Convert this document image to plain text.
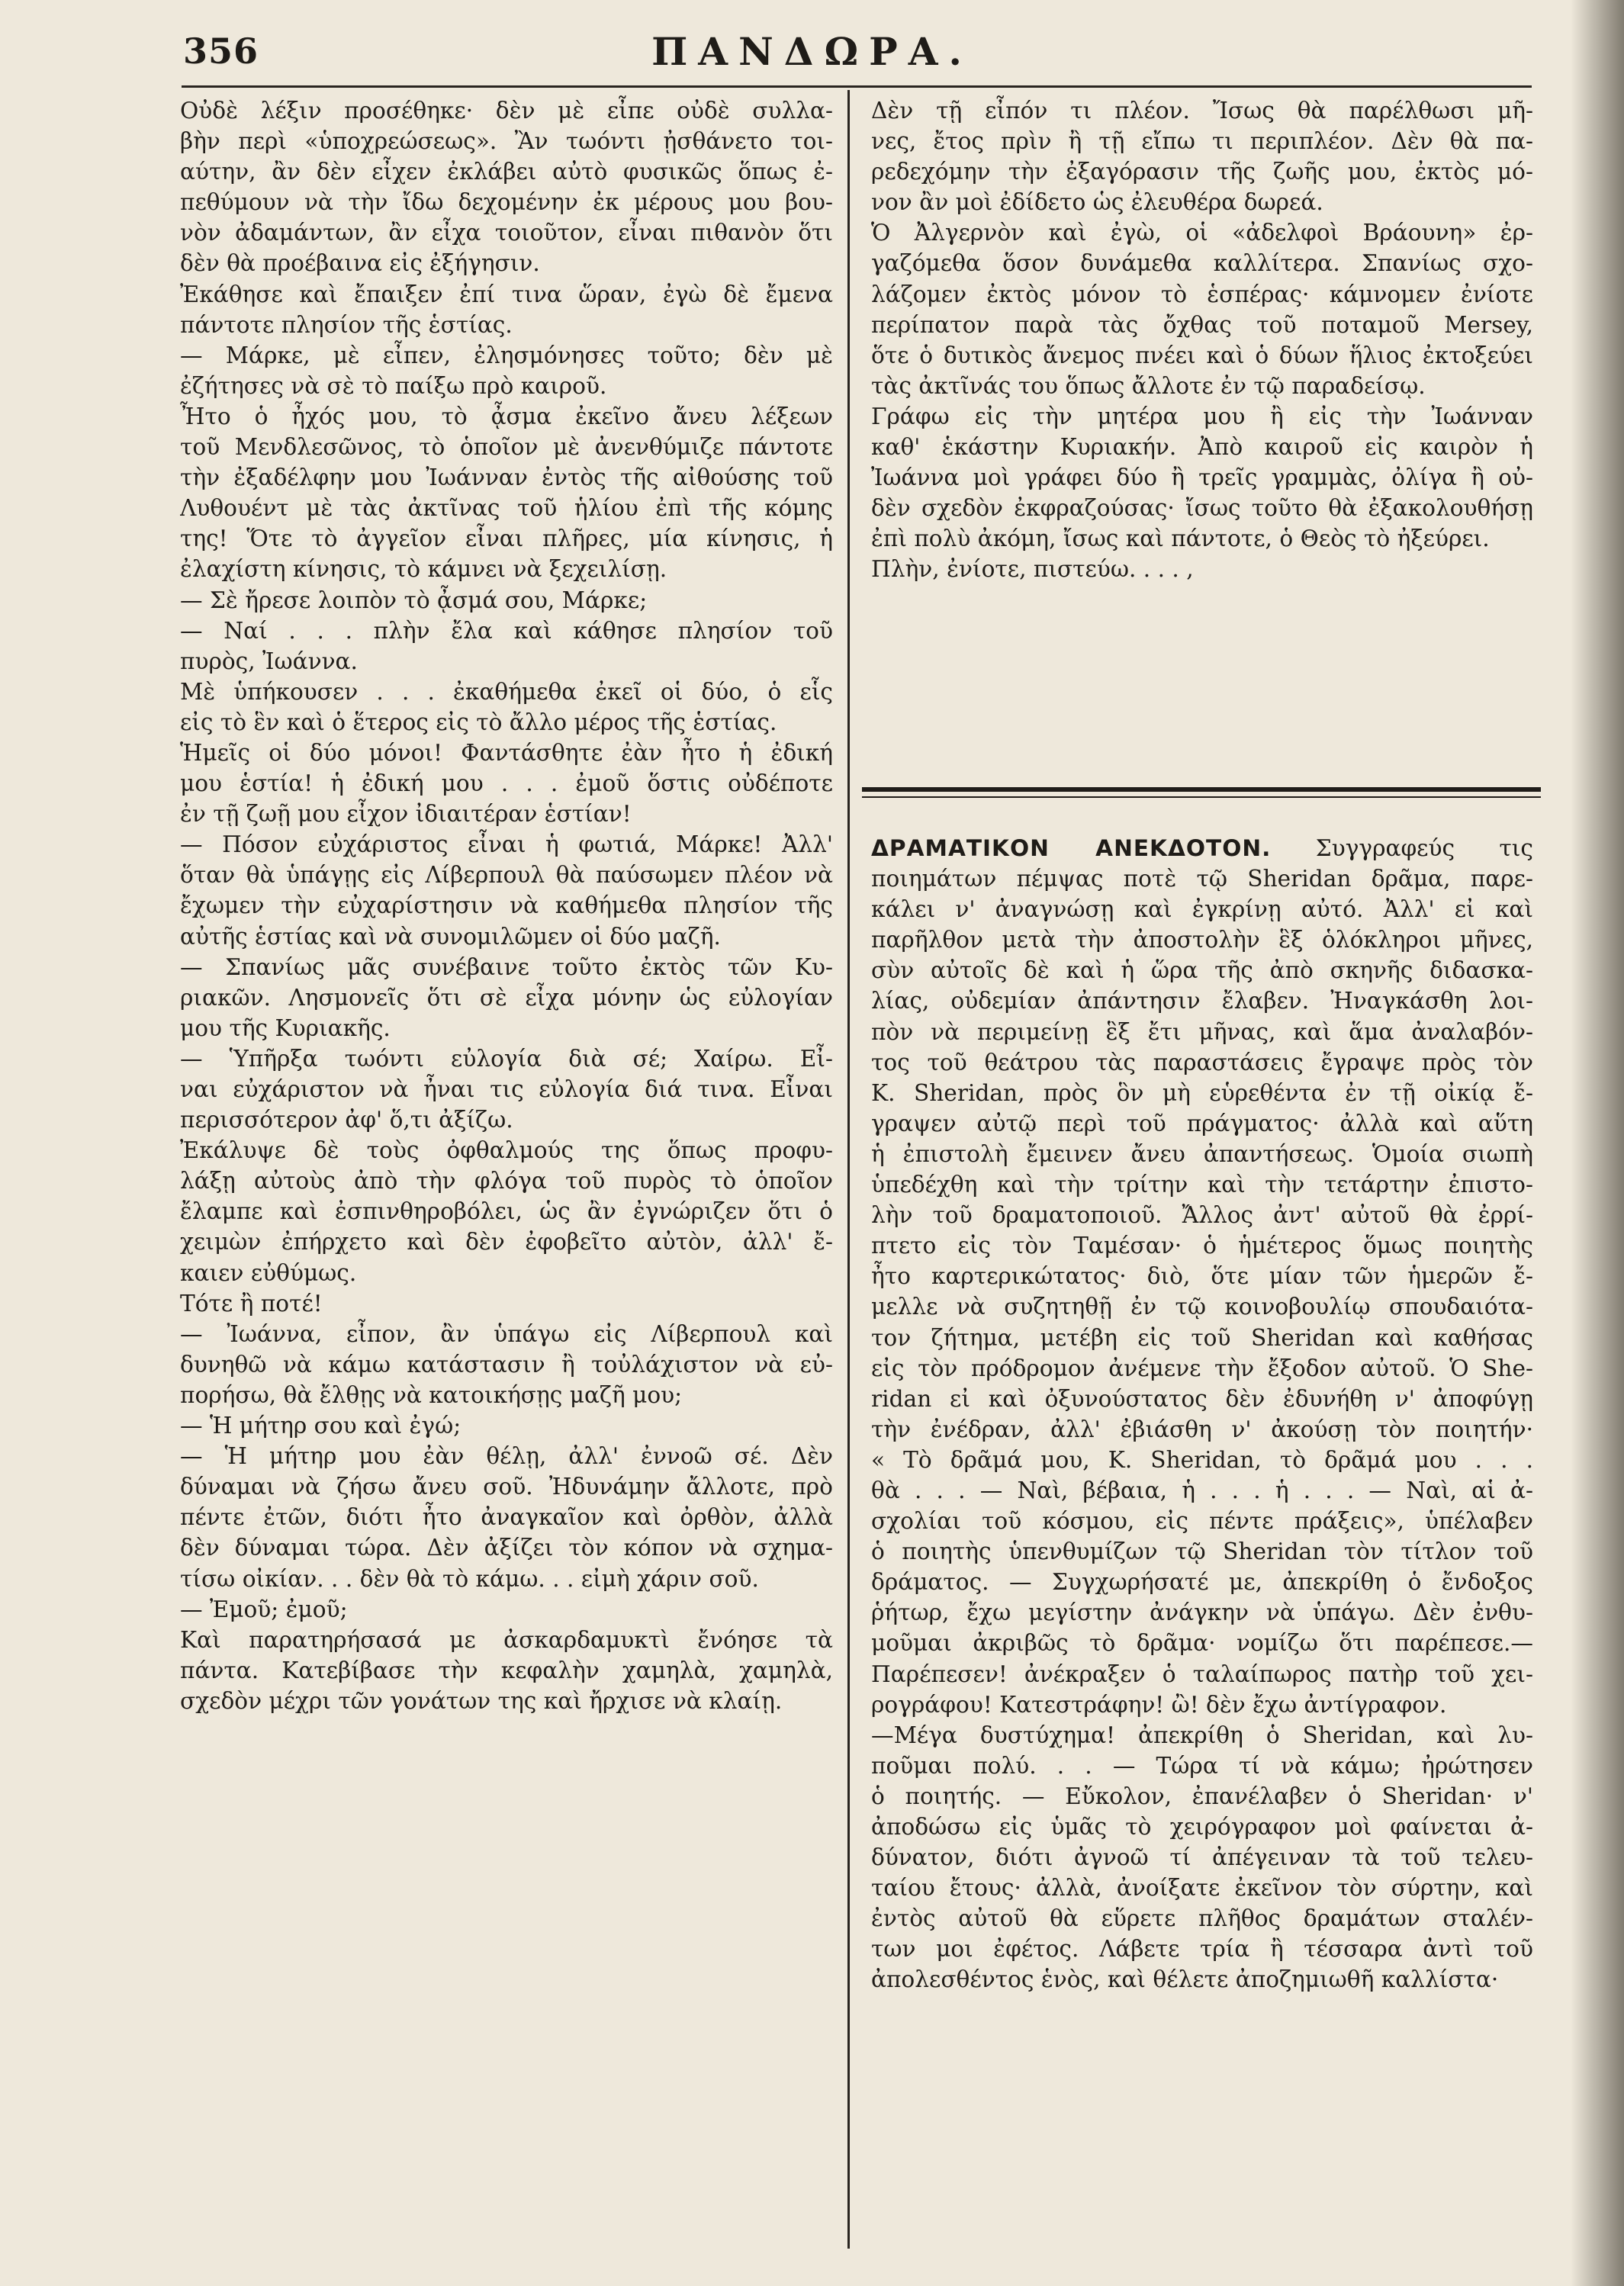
356	ΠΑΝΔΩΡΑ.
Οὐδὲ λέξιν προσέθηκε· δὲν μὲ εἶπε οὐδὲ συλλα-
βὴν περὶ «ὑποχρεώσεως». Ἂν τωόντι ᾐσθάνετο τοι-
αύτην, ἂν δὲν εἶχεν ἐκλάβει αὐτὸ φυσικῶς ὅπως ἐ-
πεθύμουν νὰ τὴν ἴδω δεχομένην ἐκ μέρους μου βου-
νὸν ἀδαμάντων, ἂν εἶχα τοιοῦτον, εἶναι πιθανὸν ὅτι
δὲν θὰ προέβαινα εἰς ἐξήγησιν.
Ἐκάθησε καὶ ἔπαιξεν ἐπί τινα ὥραν, ἐγὼ δὲ ἔμενα
πάντοτε πλησίον τῆς ἑστίας.
— Μάρκε, μὲ εἶπεν, ἐλησμόνησες τοῦτο; δὲν μὲ
ἐζήτησες νὰ σὲ τὸ παίξω πρὸ καιροῦ.
Ἦτο ὁ ἦχός μου, τὸ ᾆσμα ἐκεῖνο ἄνευ λέξεων
τοῦ Μενδλεσῶνος, τὸ ὁποῖον μὲ ἀνενθύμιζε πάντοτε
τὴν ἐξαδέλφην μου Ἰωάνναν ἐντὸς τῆς αἰθούσης τοῦ
Λυθουέντ μὲ τὰς ἀκτῖνας τοῦ ἡλίου ἐπὶ τῆς κόμης
της! Ὅτε τὸ ἀγγεῖον εἶναι πλῆρες, μία κίνησις, ἡ
ἐλαχίστη κίνησις, τὸ κάμνει νὰ ξεχειλίσῃ.
— Σὲ ἤρεσε λοιπὸν τὸ ᾆσμά σου, Μάρκε;
— Ναί . . . πλὴν ἔλα καὶ κάθησε πλησίον τοῦ
πυρὸς, Ἰωάννα.
Μὲ ὑπήκουσεν . . . ἐκαθήμεθα ἐκεῖ οἱ δύο, ὁ εἷς
εἰς τὸ ἓν καὶ ὁ ἕτερος εἰς τὸ ἄλλο μέρος τῆς ἑστίας.
Ἡμεῖς οἱ δύο μόνοι! Φαντάσθητε ἐὰν ἦτο ἡ ἐδική
μου ἑστία! ἡ ἐδική μου . . . ἐμοῦ ὅστις οὐδέποτε
ἐν τῇ ζωῇ μου εἶχον ἰδιαιτέραν ἑστίαν!
— Πόσον εὐχάριστος εἶναι ἡ φωτιά, Μάρκε! Ἀλλ'
ὅταν θὰ ὑπάγῃς εἰς Λίβερπουλ θὰ παύσωμεν πλέον νὰ
ἔχωμεν τὴν εὐχαρίστησιν νὰ καθήμεθα πλησίον τῆς
αὐτῆς ἑστίας καὶ νὰ συνομιλῶμεν οἱ δύο μαζῆ.
— Σπανίως μᾶς συνέβαινε τοῦτο ἐκτὸς τῶν Κυ-
ριακῶν. Λησμονεῖς ὅτι σὲ εἶχα μόνην ὡς εὐλογίαν
μου τῆς Κυριακῆς.
— Ὑπῆρξα τωόντι εὐλογία διὰ σέ; Χαίρω. Εἶ-
ναι εὐχάριστον νὰ ἦναι τις εὐλογία διά τινα. Εἶναι
περισσότερον ἀφ' ὅ,τι ἀξίζω.
Ἐκάλυψε δὲ τοὺς ὀφθαλμούς της ὅπως προφυ-
λάξῃ αὐτοὺς ἀπὸ τὴν φλόγα τοῦ πυρὸς τὸ ὁποῖον
ἔλαμπε καὶ ἐσπινθηροβόλει, ὡς ἂν ἐγνώριζεν ὅτι ὁ
χειμὼν ἐπήρχετο καὶ δὲν ἐφοβεῖτο αὐτὸν, ἀλλ' ἔ-
καιεν εὐθύμως.
Τότε ἢ ποτέ!
— Ἰωάννα, εἶπον, ἂν ὑπάγω εἰς Λίβερπουλ καὶ
δυνηθῶ νὰ κάμω κατάστασιν ἢ τοὐλάχιστον νὰ εὐ-
πορήσω, θὰ ἔλθῃς νὰ κατοικήσῃς μαζῆ μου;
— Ἡ μήτηρ σου καὶ ἐγώ;
— Ἡ μήτηρ μου ἐὰν θέλῃ, ἀλλ' ἐννοῶ σέ. Δὲν
δύναμαι νὰ ζήσω ἄνευ σοῦ. Ἠδυνάμην ἄλλοτε, πρὸ
πέντε ἐτῶν, διότι ἦτο ἀναγκαῖον καὶ ὀρθὸν, ἀλλὰ
δὲν δύναμαι τώρα. Δὲν ἀξίζει τὸν κόπον νὰ σχημα-
τίσω οἰκίαν. . . δὲν θὰ τὸ κάμω. . . εἰμὴ χάριν σοῦ.
— Ἐμοῦ; ἐμοῦ;
Καὶ παρατηρήσασά με ἀσκαρδαμυκτὶ ἔνόησε τὰ
πάντα. Κατεβίβασε τὴν κεφαλὴν χαμηλὰ, χαμηλὰ,
σχεδὸν μέχρι τῶν γονάτων της καὶ ἤρχισε νὰ κλαίῃ.
Δὲν τῇ εἶπόν τι πλέον. Ἴσως θὰ παρέλθωσι μῆ-
νες, ἔτος πρὶν ἢ τῇ εἴπω τι περιπλέον. Δὲν θὰ πα-
ρεδεχόμην τὴν ἐξαγόρασιν τῆς ζωῆς μου, ἐκτὸς μό-
νον ἂν μοὶ ἐδίδετο ὡς ἐλευθέρα δωρεά.
Ὁ Ἀλγερνὸν καὶ ἐγὼ, οἱ «ἀδελφοὶ Βράουνη» ἐρ-
γαζόμεθα ὅσον δυνάμεθα καλλίτερα. Σπανίως σχο-
λάζομεν ἐκτὸς μόνον τὸ ἑσπέρας· κάμνομεν ἐνίοτε
περίπατον παρὰ τὰς ὄχθας τοῦ ποταμοῦ Mersey,
ὅτε ὁ δυτικὸς ἄνεμος πνέει καὶ ὁ δύων ἥλιος ἐκτοξεύει
τὰς ἀκτῖνάς του ὅπως ἄλλοτε ἐν τῷ παραδείσῳ.
Γράφω εἰς τὴν μητέρα μου ἢ εἰς τὴν Ἰωάνναν
καθ' ἑκάστην Κυριακήν. Ἀπὸ καιροῦ εἰς καιρὸν ἡ
Ἰωάννα μοὶ γράφει δύο ἢ τρεῖς γραμμὰς, ὀλίγα ἢ οὐ-
δὲν σχεδὸν ἐκφραζούσας· ἴσως τοῦτο θὰ ἐξακολουθήσῃ
ἐπὶ πολὺ ἀκόμη, ἴσως καὶ πάντοτε, ὁ Θεὸς τὸ ἠξεύρει.
Πλὴν, ἐνίοτε, πιστεύω. . . . ,
ΔΡΑΜΑΤΙΚΟΝ ΑΝΕΚΔΟΤΟΝ. Συγγραφεύς τις
ποιημάτων πέμψας ποτὲ τῷ Sheridan δρᾶμα, παρε-
κάλει ν' ἀναγνώσῃ καὶ ἐγκρίνῃ αὐτό. Ἀλλ' εἰ καὶ
παρῆλθον μετὰ τὴν ἀποστολὴν ἓξ ὁλόκληροι μῆνες,
σὺν αὐτοῖς δὲ καὶ ἡ ὥρα τῆς ἀπὸ σκηνῆς διδασκα-
λίας, οὐδεμίαν ἀπάντησιν ἔλαβεν. Ἠναγκάσθη λοι-
πὸν νὰ περιμείνῃ ἓξ ἔτι μῆνας, καὶ ἅμα ἀναλαβόν-
τος τοῦ θεάτρου τὰς παραστάσεις ἔγραψε πρὸς τὸν
K. Sheridan, πρὸς ὃν μὴ εὑρεθέντα ἐν τῇ οἰκίᾳ ἔ-
γραψεν αὐτῷ περὶ τοῦ πράγματος· ἀλλὰ καὶ αὕτη
ἡ ἐπιστολὴ ἔμεινεν ἄνευ ἀπαντήσεως. Ὁμοία σιωπὴ
ὑπεδέχθη καὶ τὴν τρίτην καὶ τὴν τετάρτην ἐπιστο-
λὴν τοῦ δραματοποιοῦ. Ἄλλος ἀντ' αὐτοῦ θὰ ἐρρί-
πτετο εἰς τὸν Ταμέσαν· ὁ ἡμέτερος ὅμως ποιητὴς
ἦτο καρτερικώτατος· διὸ, ὅτε μίαν τῶν ἡμερῶν ἔ-
μελλε νὰ συζητηθῇ ἐν τῷ κοινοβουλίῳ σπουδαιότα-
τον ζήτημα, μετέβη εἰς τοῦ Sheridan καὶ καθήσας
εἰς τὸν πρόδρομον ἀνέμενε τὴν ἔξοδον αὐτοῦ. Ὁ She-
ridan εἰ καὶ ὀξυνούστατος δὲν ἐδυνήθη ν' ἀποφύγῃ
τὴν ἐνέδραν, ἀλλ' ἐβιάσθη ν' ἀκούσῃ τὸν ποιητήν·
« Τὸ δρᾶμά μου, K. Sheridan, τὸ δρᾶμά μου . . .
θὰ . . . — Ναὶ, βέβαια, ἡ . . . ἡ . . . — Ναὶ, αἱ ἀ-
σχολίαι τοῦ κόσμου, εἰς πέντε πράξεις», ὑπέλαβεν
ὁ ποιητὴς ὑπενθυμίζων τῷ Sheridan τὸν τίτλον τοῦ
δράματος. — Συγχωρήσατέ με, ἀπεκρίθη ὁ ἔνδοξος
ῥήτωρ, ἔχω μεγίστην ἀνάγκην νὰ ὑπάγω. Δὲν ἐνθυ-
μοῦμαι ἀκριβῶς τὸ δρᾶμα· νομίζω ὅτι παρέπεσε.—
Παρέπεσεν! ἀνέκραξεν ὁ ταλαίπωρος πατὴρ τοῦ χει-
ρογράφου! Κατεστράφην! ὢ! δὲν ἔχω ἀντίγραφον.
—Μέγα δυστύχημα! ἀπεκρίθη ὁ Sheridan, καὶ λυ-
ποῦμαι πολύ. . . — Τώρα τί νὰ κάμω; ἠρώτησεν
ὁ ποιητής. — Εὔκολον, ἐπανέλαβεν ὁ Sheridan· ν'
ἀποδώσω εἰς ὑμᾶς τὸ χειρόγραφον μοὶ φαίνεται ἀ-
δύνατον, διότι ἀγνοῶ τί ἀπέγειναν τὰ τοῦ τελευ-
ταίου ἔτους· ἀλλὰ, ἀνοίξατε ἐκεῖνον τὸν σύρτην, καὶ
ἐντὸς αὐτοῦ θὰ εὕρετε πλῆθος δραμάτων σταλέν-
των μοι ἐφέτος. Λάβετε τρία ἢ τέσσαρα ἀντὶ τοῦ
ἀπολεσθέντος ἑνὸς, καὶ θέλετε ἀποζημιωθῆ καλλίστα·
